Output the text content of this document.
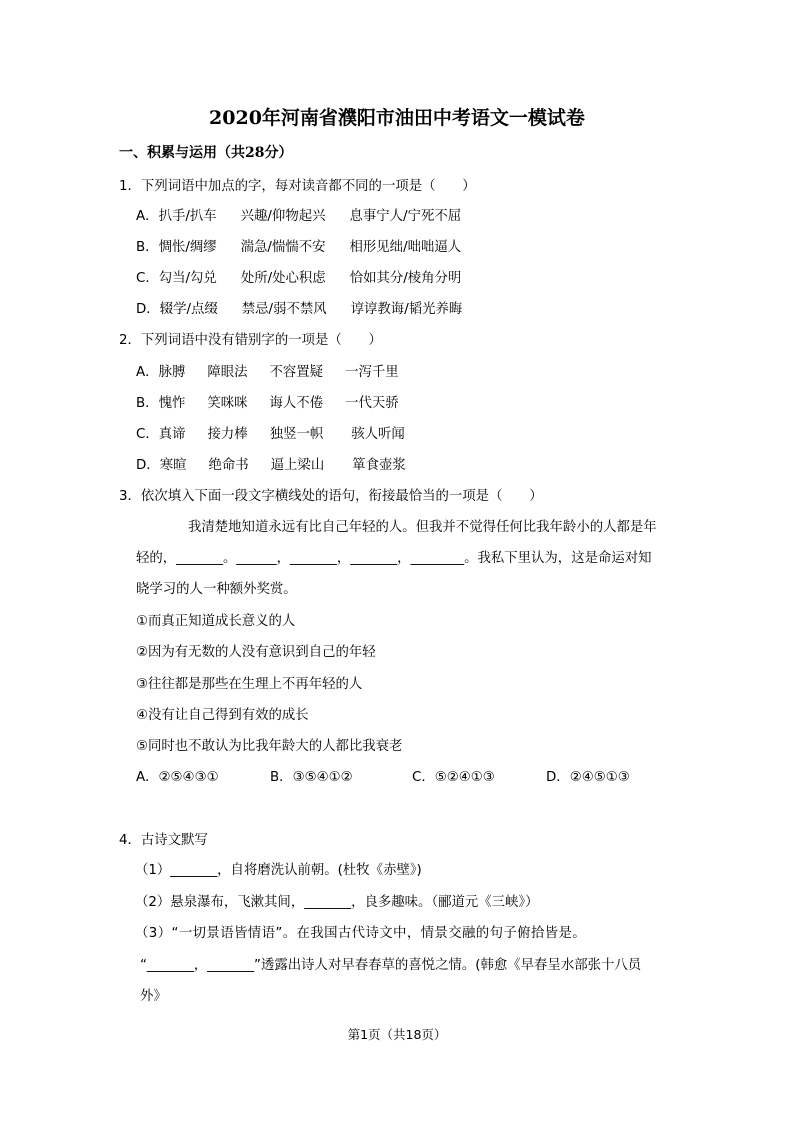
2020年河南省濮阳市油田中考语文一模试卷
一、积累与运用（共28分）
1．下列词语中加点的字，每对读音都不同的一项是（　　）
A．扒手/扒车 兴趣/仰物起兴 息事宁人/宁死不屈
B．惆怅/绸缪 湍急/惴惴不安 相形见绌/咄咄逼人
C．勾当/勾兑 处所/处心积虑 恰如其分/棱角分明
D．辍学/点缀 禁忌/弱不禁风 谆谆教诲/韬光养晦
2．下列词语中没有错别字的一项是（　　）
A．脉膊 障眼法 不容置疑 一泻千里
B．愧怍 笑咪咪 诲人不倦 一代天骄
C．真谛 接力棒 独竖一帜 骇人听闻
D．寒暄 绝命书 逼上梁山 箪食壶浆
3．依次填入下面一段文字横线处的语句，衔接最恰当的一项是（　　）
我清楚地知道永远有比自己年轻的人。但我并不觉得任何比我年龄小的人都是年
轻的，_______。______，_______，_______，________。我私下里认为，这是命运对知
晓学习的人一种额外奖赏。
①而真正知道成长意义的人
②因为有无数的人没有意识到自己的年轻
③往往都是那些在生理上不再年轻的人
④没有让自己得到有效的成长
⑤同时也不敢认为比我年龄大的人都比我衰老
A．②⑤④③①	B．③⑤④①②	C．⑤②④①③	D．②④⑤①③
4．古诗文默写
（1）_______，自将磨洗认前朝。(杜牧《赤壁》)
（2）悬泉瀑布，飞漱其间，_______，良多趣味。（郦道元《三峡》）
（3）“一切景语皆情语”。在我国古代诗文中，情景交融的句子俯拾皆是。
“_______，_______”透露出诗人对早春春草的喜悦之情。(韩愈《早春呈水部张十八员
外》
第1页（共18页）
